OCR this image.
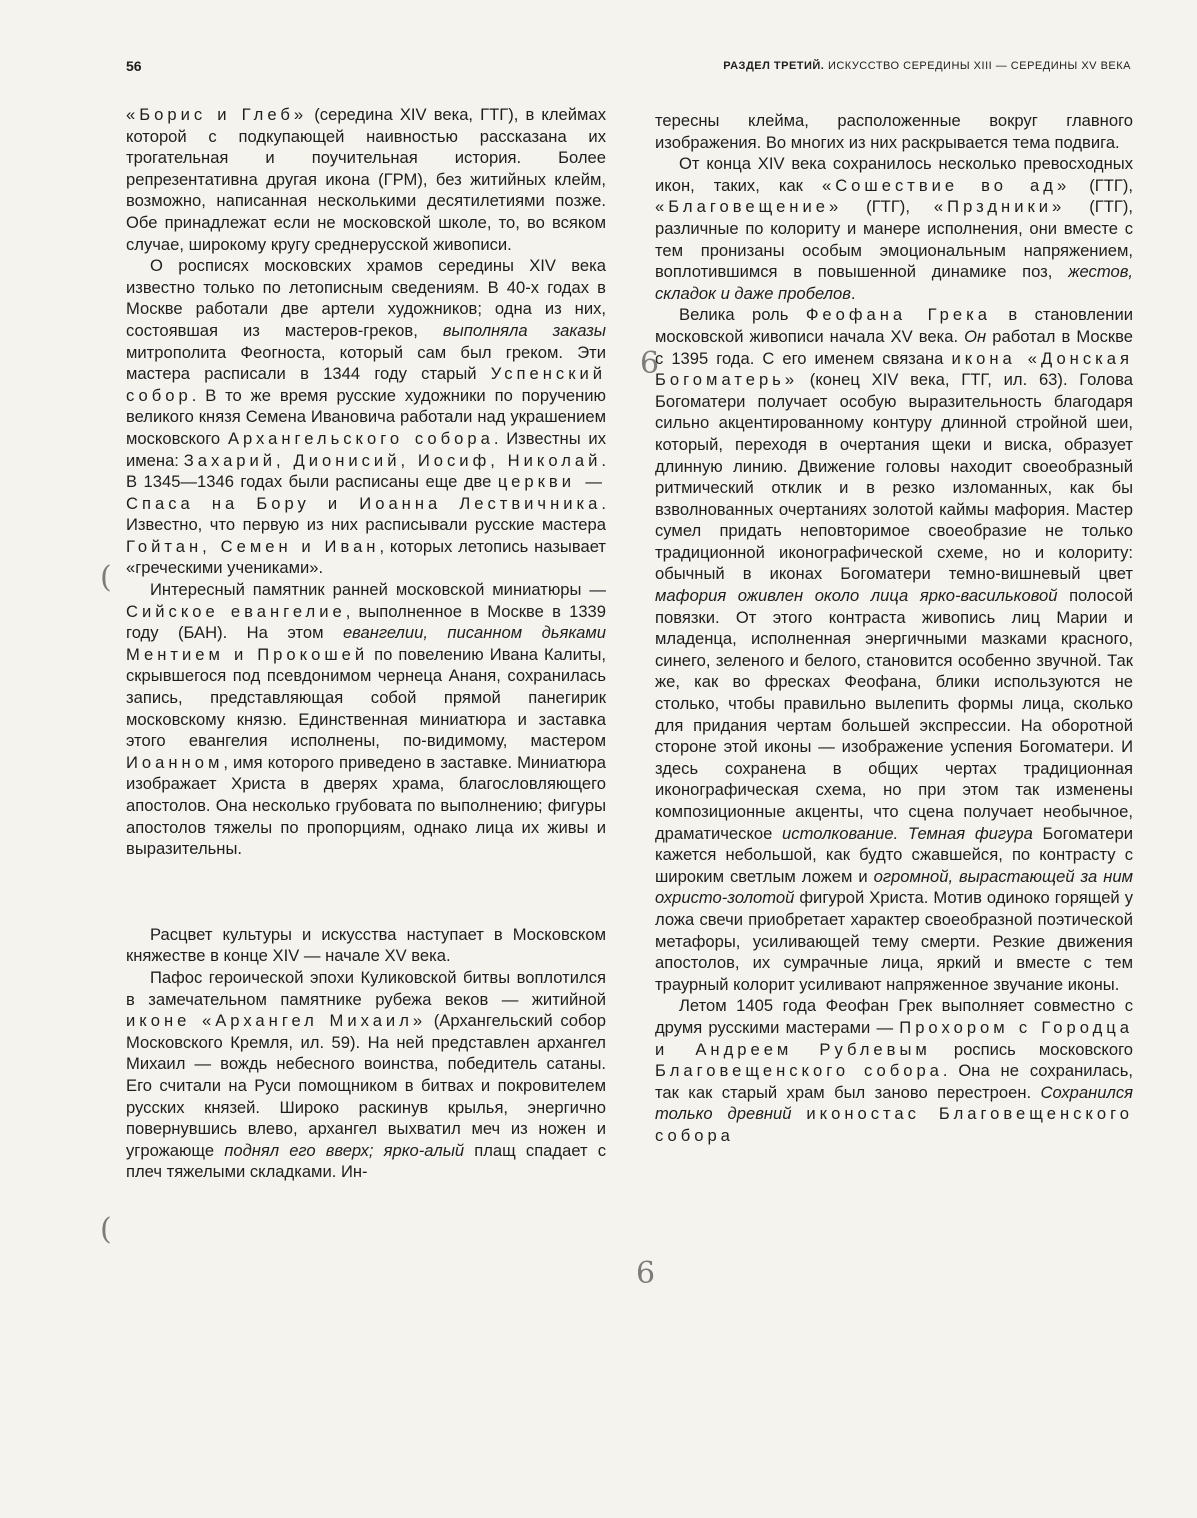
56	РАЗДЕЛ ТРЕТИЙ. ИСКУССТВО СЕРЕДИНЫ XIII — СЕРЕДИНЫ XV ВЕКА

«Борис и Глеб» (середина XIV века, ГТГ), в клеймах которой с подкупающей наивностью рассказана их трогательная и поучительная история. Более репрезентативна другая икона (ГРМ), без житийных клейм, возможно, написанная несколькими десятилетиями позже. Обе принадлежат если не московской школе, то, во всяком случае, широкому кругу среднерусской живописи.

О росписях московских храмов середины XIV века известно только по летописным сведениям. В 40-х годах в Москве работали две артели художников; одна из них, состоявшая из мастеров-греков, выполняла заказы митрополита Феогноста, который сам был греком. Эти мастера расписали в 1344 году старый Успенский собор. В то же время русские художники по поручению великого князя Семена Ивановича работали над украшением московского Архангельского собора. Известны их имена: Захарий, Дионисий, Иосиф, Николай. В 1345—1346 годах были расписаны еще две церкви — Спаса на Бору и Иоанна Лествичника. Известно, что первую из них расписывали русские мастера Гойтан, Семен и Иван, которых летопись называет «греческими учениками».

Интересный памятник ранней московской миниатюры — Сийское евангелие, выполненное в Москве в 1339 году (БАН). На этом евангелии, писанном дьяками Ментием и Прокошей по повелению Ивана Калиты, скрывшегося под псевдонимом чернеца Ананя, сохранилась запись, представляющая собой прямой панегирик московскому князю. Единственная миниатюра и заставка этого евангелия исполнены, по-видимому, мастером Иоанном, имя которого приведено в заставке. Миниатюра изображает Христа в дверях храма, благословляющего апостолов. Она несколько грубовата по выполнению; фигуры апостолов тяжелы по пропорциям, однако лица их живы и выразительны.

Расцвет культуры и искусства наступает в Московском княжестве в конце XIV — начале XV века.

Пафос героической эпохи Куликовской битвы воплотился в замечательном памятнике рубежа веков — житийной иконе «Архангел Михаил» (Архангельский собор Московского Кремля, ил. 59). На ней представлен архангел Михаил — вождь небесного воинства, победитель сатаны. Его считали на Руси помощником в битвах и покровителем русских князей. Широко раскинув крылья, энергично повернувшись влево, архангел выхватил меч из ножен и угрожающе поднял его вверх; ярко-алый плащ спадает с плеч тяжелыми складками. Ин-

тересны клейма, расположенные вокруг главного изображения. Во многих из них раскрывается тема подвига.

От конца XIV века сохранилось несколько превосходных икон, таких, как «Сошествие во ад» (ГТГ), «Благовещение» (ГТГ), «Прздники» (ГТГ), различные по колориту и манере исполнения, они вместе с тем пронизаны особым эмоциональным напряжением, воплотившимся в повышенной динамике поз, жестов, складок и даже пробелов.

Велика роль Феофана Грека в становлении московской живописи начала XV века. Он работал в Москве с 1395 года. С его именем связана икона «Донская Богоматерь» (конец XIV века, ГТГ, ил. 63). Голова Богоматери получает особую выразительность благодаря сильно акцентированному контуру длинной стройной шеи, который, переходя в очертания щеки и виска, образует длинную линию. Движение головы находит своеобразный ритмический отклик и в резко изломанных, как бы взволнованных очертаниях золотой каймы мафория. Мастер сумел придать неповторимое своеобразие не только традиционной иконографической схеме, но и колориту: обычный в иконах Богоматери темно-вишневый цвет мафория оживлен около лица ярко-васильковой полосой повязки. От этого контраста живопись лиц Марии и младенца, исполненная энергичными мазками красного, синего, зеленого и белого, становится особенно звучной. Так же, как во фресках Феофана, блики используются не столько, чтобы правильно вылепить формы лица, сколько для придания чертам большей экспрессии. На оборотной стороне этой иконы — изображение успения Богоматери. И здесь сохранена в общих чертах традиционная иконографическая схема, но при этом так изменены композиционные акценты, что сцена получает необычное, драматическое истолкование. Темная фигура Богоматери кажется небольшой, как будто сжавшейся, по контрасту с широким светлым ложем и огромной, вырастающей за ним охристо-золотой фигурой Христа. Мотив одиноко горящей у ложа свечи приобретает характер своеобразной поэтической метафоры, усиливающей тему смерти. Резкие движения апостолов, их сумрачные лица, яркий и вместе с тем траурный колорит усиливают напряженное звучание иконы.

Летом 1405 года Феофан Грек выполняет совместно с друмя русскими мастерами — Прохором с Городца и Андреем Рублевым роспись московского Благовещенского собора. Она не сохранилась, так как старый храм был заново перестроен. Сохранился только древний иконостас Благовещенского собора

6
6
(
(
